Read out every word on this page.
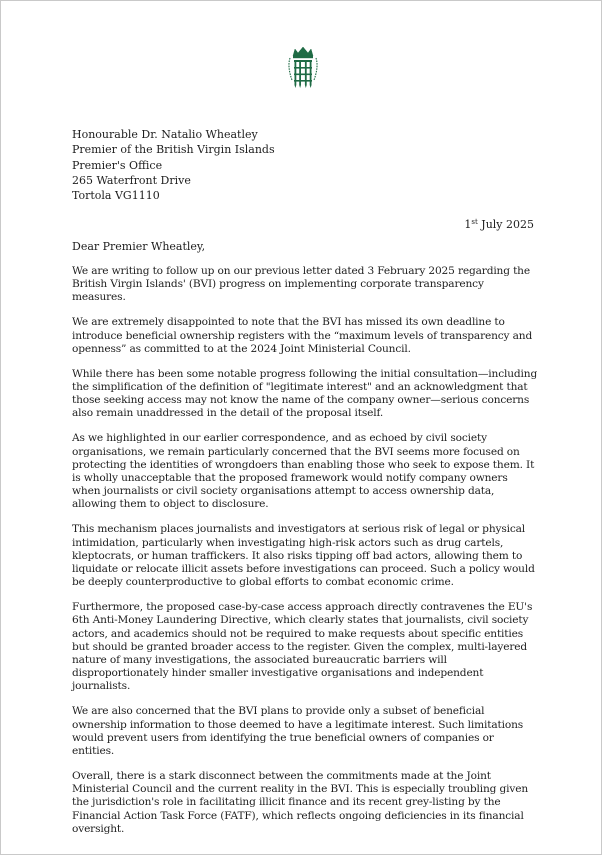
Honourable Dr. Natalio Wheatley
Premier of the British Virgin Islands
Premier's Office
265 Waterfront Drive
Tortola VG1110
1st July 2025
Dear Premier Wheatley,

We are writing to follow up on our previous letter dated 3 February 2025 regarding the British Virgin Islands' (BVI) progress on implementing corporate transparency measures.

We are extremely disappointed to note that the BVI has missed its own deadline to introduce beneficial ownership registers with the “maximum levels of transparency and openness” as committed to at the 2024 Joint Ministerial Council.

While there has been some notable progress following the initial consultation—including the simplification of the definition of "legitimate interest" and an acknowledgment that those seeking access may not know the name of the company owner—serious concerns also remain unaddressed in the detail of the proposal itself.

As we highlighted in our earlier correspondence, and as echoed by civil society organisations, we remain particularly concerned that the BVI seems more focused on protecting the identities of wrongdoers than enabling those who seek to expose them. It is wholly unacceptable that the proposed framework would notify company owners when journalists or civil society organisations attempt to access ownership data, allowing them to object to disclosure.

This mechanism places journalists and investigators at serious risk of legal or physical intimidation, particularly when investigating high-risk actors such as drug cartels, kleptocrats, or human traffickers. It also risks tipping off bad actors, allowing them to liquidate or relocate illicit assets before investigations can proceed. Such a policy would be deeply counterproductive to global efforts to combat economic crime.

Furthermore, the proposed case-by-case access approach directly contravenes the EU's 6th Anti-Money Laundering Directive, which clearly states that journalists, civil society actors, and academics should not be required to make requests about specific entities but should be granted broader access to the register. Given the complex, multi-layered nature of many investigations, the associated bureaucratic barriers will disproportionately hinder smaller investigative organisations and independent journalists.

We are also concerned that the BVI plans to provide only a subset of beneficial ownership information to those deemed to have a legitimate interest. Such limitations would prevent users from identifying the true beneficial owners of companies or entities.

Overall, there is a stark disconnect between the commitments made at the Joint Ministerial Council and the current reality in the BVI. This is especially troubling given the jurisdiction's role in facilitating illicit finance and its recent grey-listing by the Financial Action Task Force (FATF), which reflects ongoing deficiencies in its financial oversight.
